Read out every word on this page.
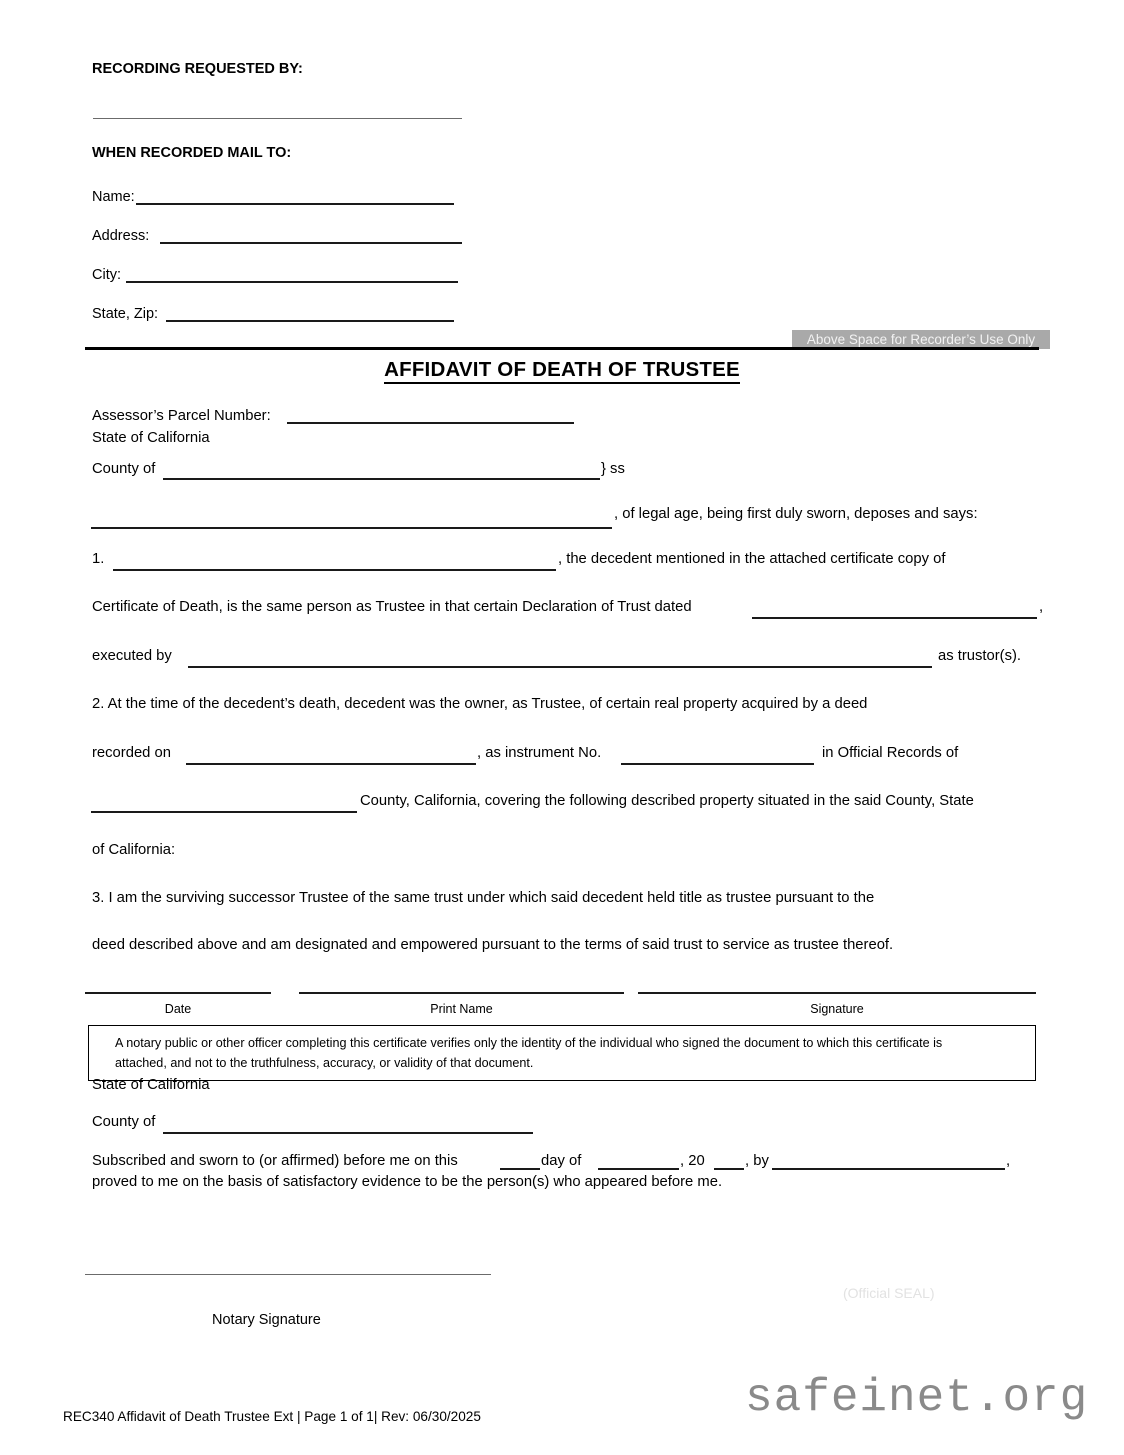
RECORDING REQUESTED BY:
WHEN RECORDED MAIL TO:
Name:
Address:
City:
State, Zip:
Above Space for Recorder’s Use Only
AFFIDAVIT OF DEATH OF TRUSTEE
Assessor’s Parcel Number:
State of California
County of	} ss
, of legal age, being first duly sworn, deposes and says:
1.	, the decedent mentioned in the attached certificate copy of
Certificate of Death, is the same person as Trustee in that certain Declaration of Trust dated	,
executed by	as trustor(s).
2. At the time of the decedent’s death, decedent was the owner, as Trustee, of certain real property acquired by a deed
recorded on	, as instrument No.	in Official Records of
County, California, covering the following described property situated in the said County, State
of California:
3. I am the surviving successor Trustee of the same trust under which said decedent held title as trustee pursuant to the
deed described above and am designated and empowered pursuant to the terms of said trust to service as trustee thereof.
Date	Print Name	Signature

A notary public or other officer completing this certificate verifies only the identity of the individual who signed the document to which this certificate is

attached, and not to the truthfulness, accuracy, or validity of that document.

State of California
County of
Subscribed and sworn to (or affirmed) before me on this	day of	, 20	, by	,
proved to me on the basis of satisfactory evidence to be the person(s) who appeared before me.
Notary Signature
(Official SEAL)
safeinet.org
REC340 Affidavit of Death Trustee Ext | Page 1 of 1| Rev: 06/30/2025
